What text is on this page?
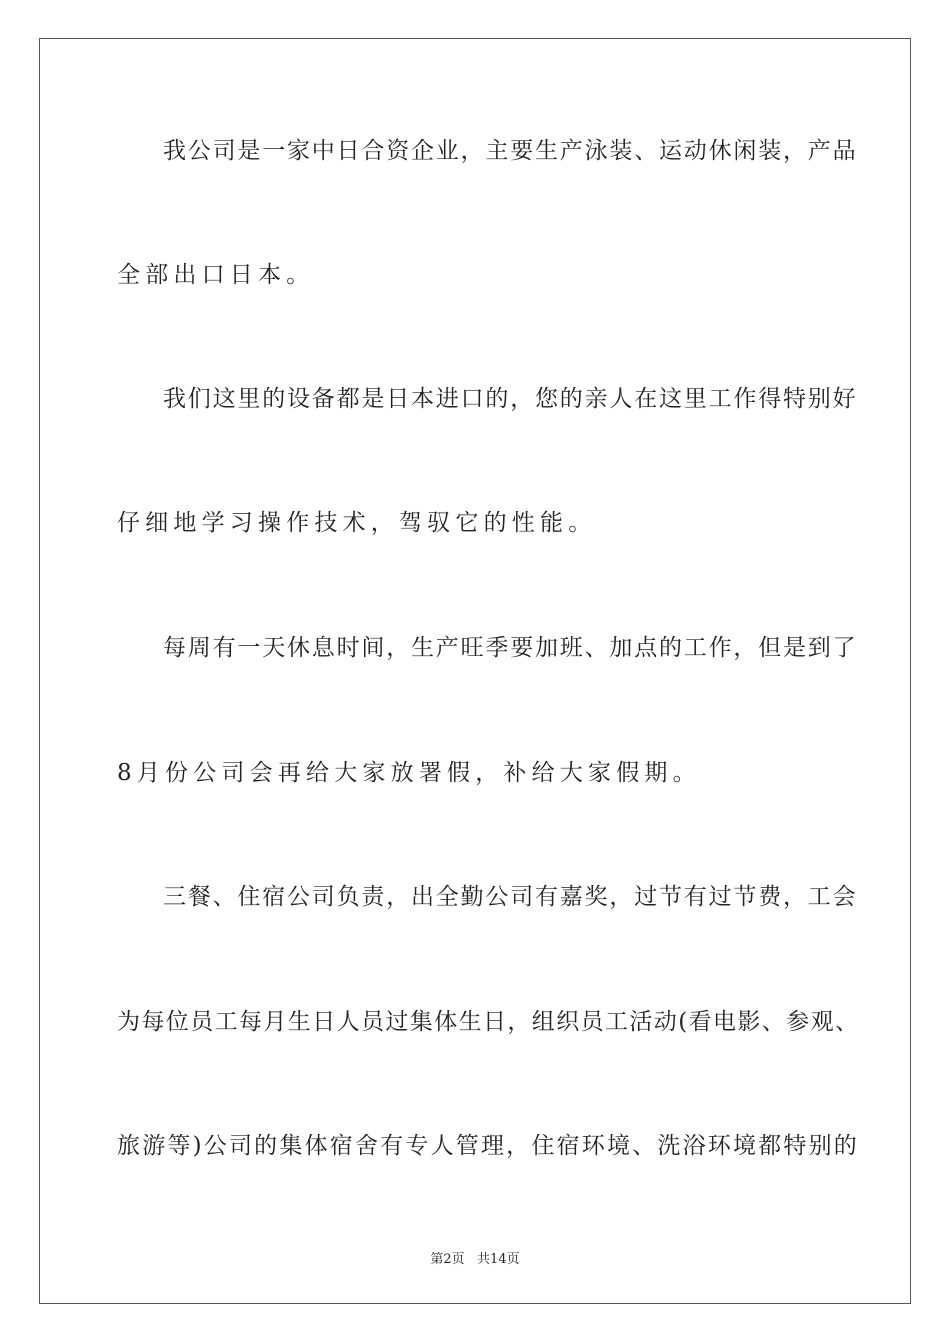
我公司是一家中日合资企业，主要生产泳装、运动休闲装，产品
全部出口日本。
我们这里的设备都是日本进口的，您的亲人在这里工作得特别好
仔细地学习操作技术，驾驭它的性能。
每周有一天休息时间，生产旺季要加班、加点的工作，但是到了
8月份公司会再给大家放署假，补给大家假期。
三餐、住宿公司负责，出全勤公司有嘉奖，过节有过节费，工会
为每位员工每月生日人员过集体生日，组织员工活动(看电影、参观、
旅游等)公司的集体宿舍有专人管理，住宿环境、洗浴环境都特别的
第2页   共14页
